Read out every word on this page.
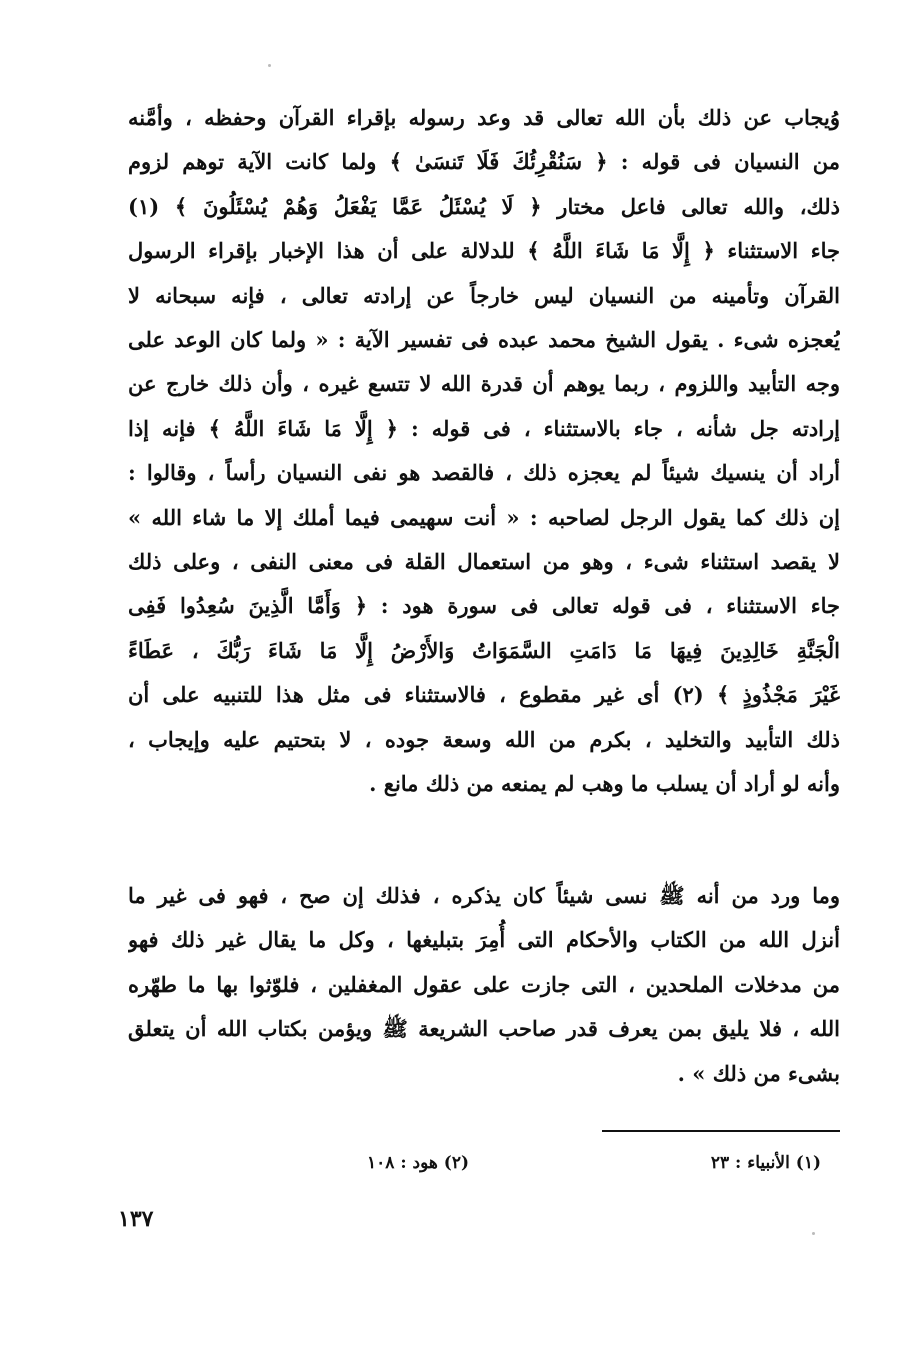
وُيجاب عن ذلك بأن الله تعالى قد وعد رسوله بإقراء القرآن وحفظه ، وأمَّنه
من النسيان فى قوله : ﴿ سَنُقْرِئُكَ فَلَا تَنسَىٰ ﴾ ولما كانت الآية توهم لزوم
ذلك، والله تعالى فاعل مختار ﴿ لَا يُسْئَلُ عَمَّا يَفْعَلُ وَهُمْ يُسْئَلُونَ ﴾ (١)
جاء الاستثناء ﴿ إِلَّا مَا شَاءَ اللَّهُ ﴾ للدلالة على أن هذا الإخبار بإقراء الرسول
القرآن وتأمينه من النسيان ليس خارجاً عن إرادته تعالى ، فإنه سبحانه لا
يُعجزه شىء . يقول الشيخ محمد عبده فى تفسير الآية : « ولما كان الوعد على
وجه التأبيد واللزوم ، ربما يوهم أن قدرة الله لا تتسع غيره ، وأن ذلك خارج عن
إرادته جل شأنه ، جاء بالاستثناء ، فى قوله : ﴿ إِلَّا مَا شَاءَ اللَّهُ ﴾ فإنه إذا
أراد أن ينسيك شيئاً لم يعجزه ذلك ، فالقصد هو نفى النسيان رأساً ، وقالوا :
إن ذلك كما يقول الرجل لصاحبه : « أنت سهيمى فيما أملك إلا ما شاء الله »
لا يقصد استثناء شىء ، وهو من استعمال القلة فى معنى النفى ، وعلى ذلك
جاء الاستثناء ، فى قوله تعالى فى سورة هود : ﴿ وَأَمَّا الَّذِينَ سُعِدُوا فَفِى
الْجَنَّةِ خَالِدِينَ فِيهَا مَا دَامَتِ السَّمَوَاتُ وَالأَرْضُ إِلَّا مَا شَاءَ رَبُّكَ ، عَطَاءً
غَيْرَ مَجْذُوذٍ ﴾ (٢) أى غير مقطوع ، فالاستثناء فى مثل هذا للتنبيه على أن
ذلك التأبيد والتخليد ، بكرم من الله وسعة جوده ، لا بتحتيم عليه وإيجاب ،
وأنه لو أراد أن يسلب ما وهب لم يمنعه من ذلك مانع .
وما ورد من أنه ﷺ نسى شيئاً كان يذكره ، فذلك إن صح ، فهو فى غير ما
أنزل الله من الكتاب والأحكام التى أُمِرَ بتبليغها ، وكل ما يقال غير ذلك فهو
من مدخلات الملحدين ، التى جازت على عقول المغفلين ، فلوّثوا بها ما طهّره
الله ، فلا يليق بمن يعرف قدر صاحب الشريعة ﷺ ويؤمن بكتاب الله أن يتعلق
بشىء من ذلك » .
(١) الأنبياء : ٢٣
(٢) هود : ١٠٨
١٣٧
